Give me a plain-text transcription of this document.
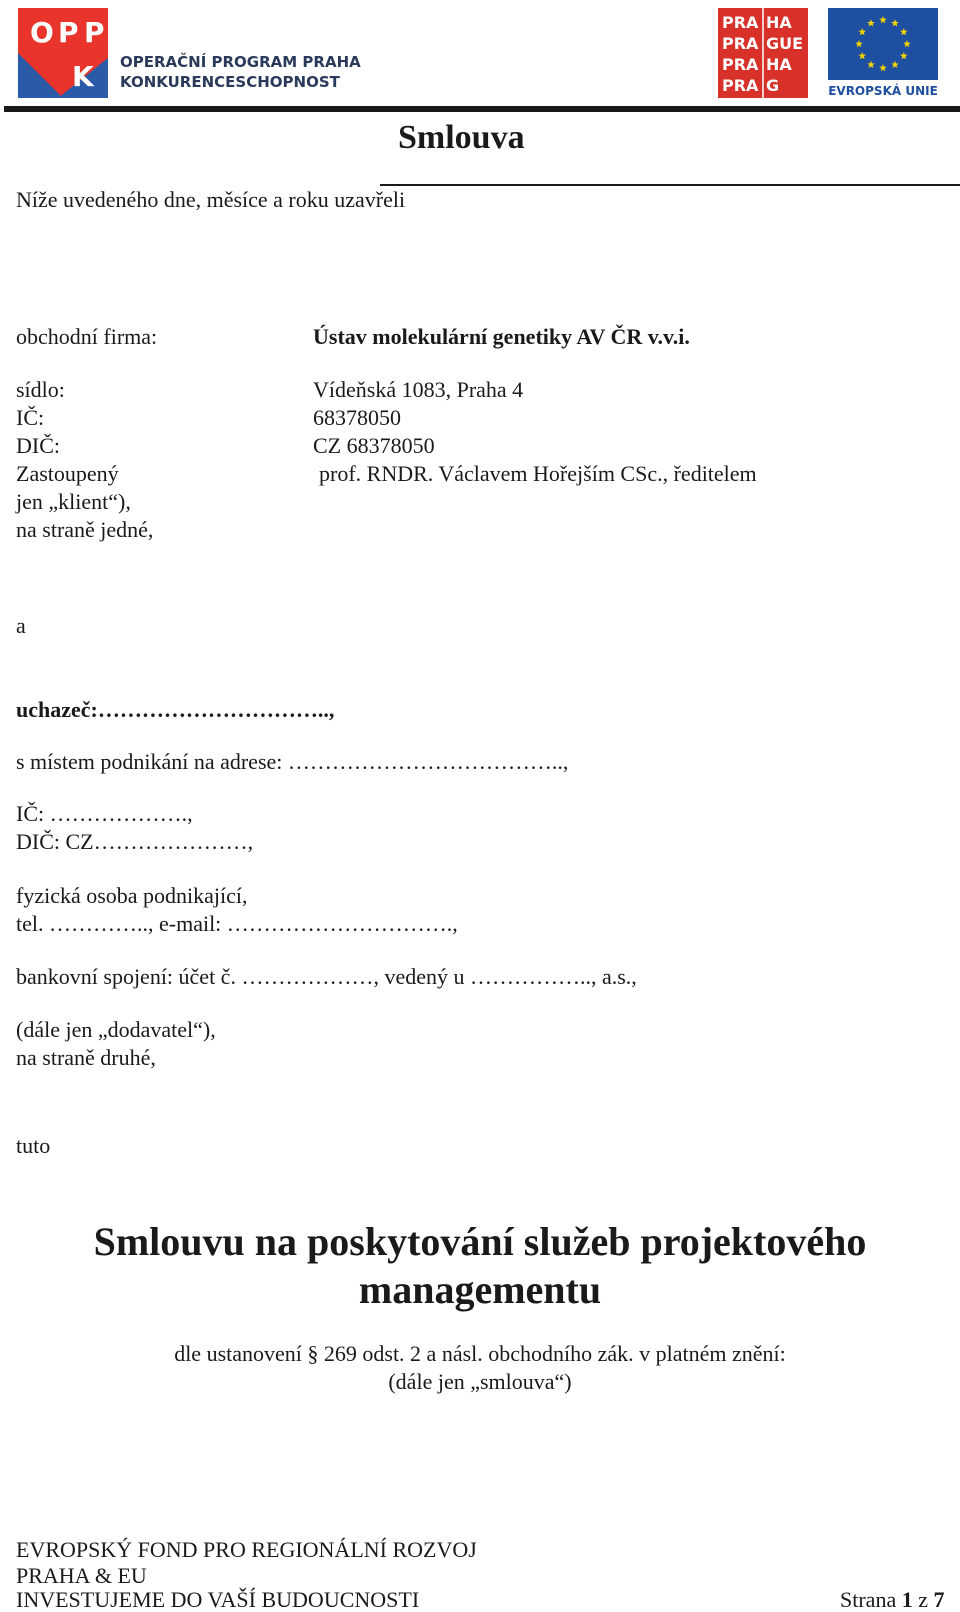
O P P
K OPERAČNÍ PROGRAM PRAHA
KONKURENCESCHOPNOST
PRA HA
PRA GUE
PRA HA
PRA G	EVROPSKÁ UNIE
Smlouva
Níže uvedeného dne, měsíce a roku uzavřeli
obchodní firma:	Ústav molekulární genetiky AV ČR v.v.i.
sídlo:	Vídeňská 1083, Praha 4
IČ:	68378050
DIČ:	CZ 68378050
Zastoupený	prof. RNDR. Václavem Hořejším CSc., ředitelem
jen „klient“),
na straně jedné,
a
uchazeč:…………………………..,
s místem podnikání na adrese: ………………………………..,
IČ: ……………….,
DIČ: CZ…………………,
fyzická osoba podnikající,
tel. ………….., e-mail: ………………………….,
bankovní spojení: účet č. ………………, vedený u …………….., a.s.,
(dále jen „dodavatel“),
na straně druhé,
tuto
Smlouvu na poskytování služeb projektového
managementu
dle ustanovení § 269 odst. 2 a násl. obchodního zák. v platném znění:
(dále jen „smlouva“)
EVROPSKÝ FOND PRO REGIONÁLNÍ ROZVOJ
PRAHA & EU
INVESTUJEME DO VAŠÍ BUDOUCNOSTI	Strana 1 z 7
